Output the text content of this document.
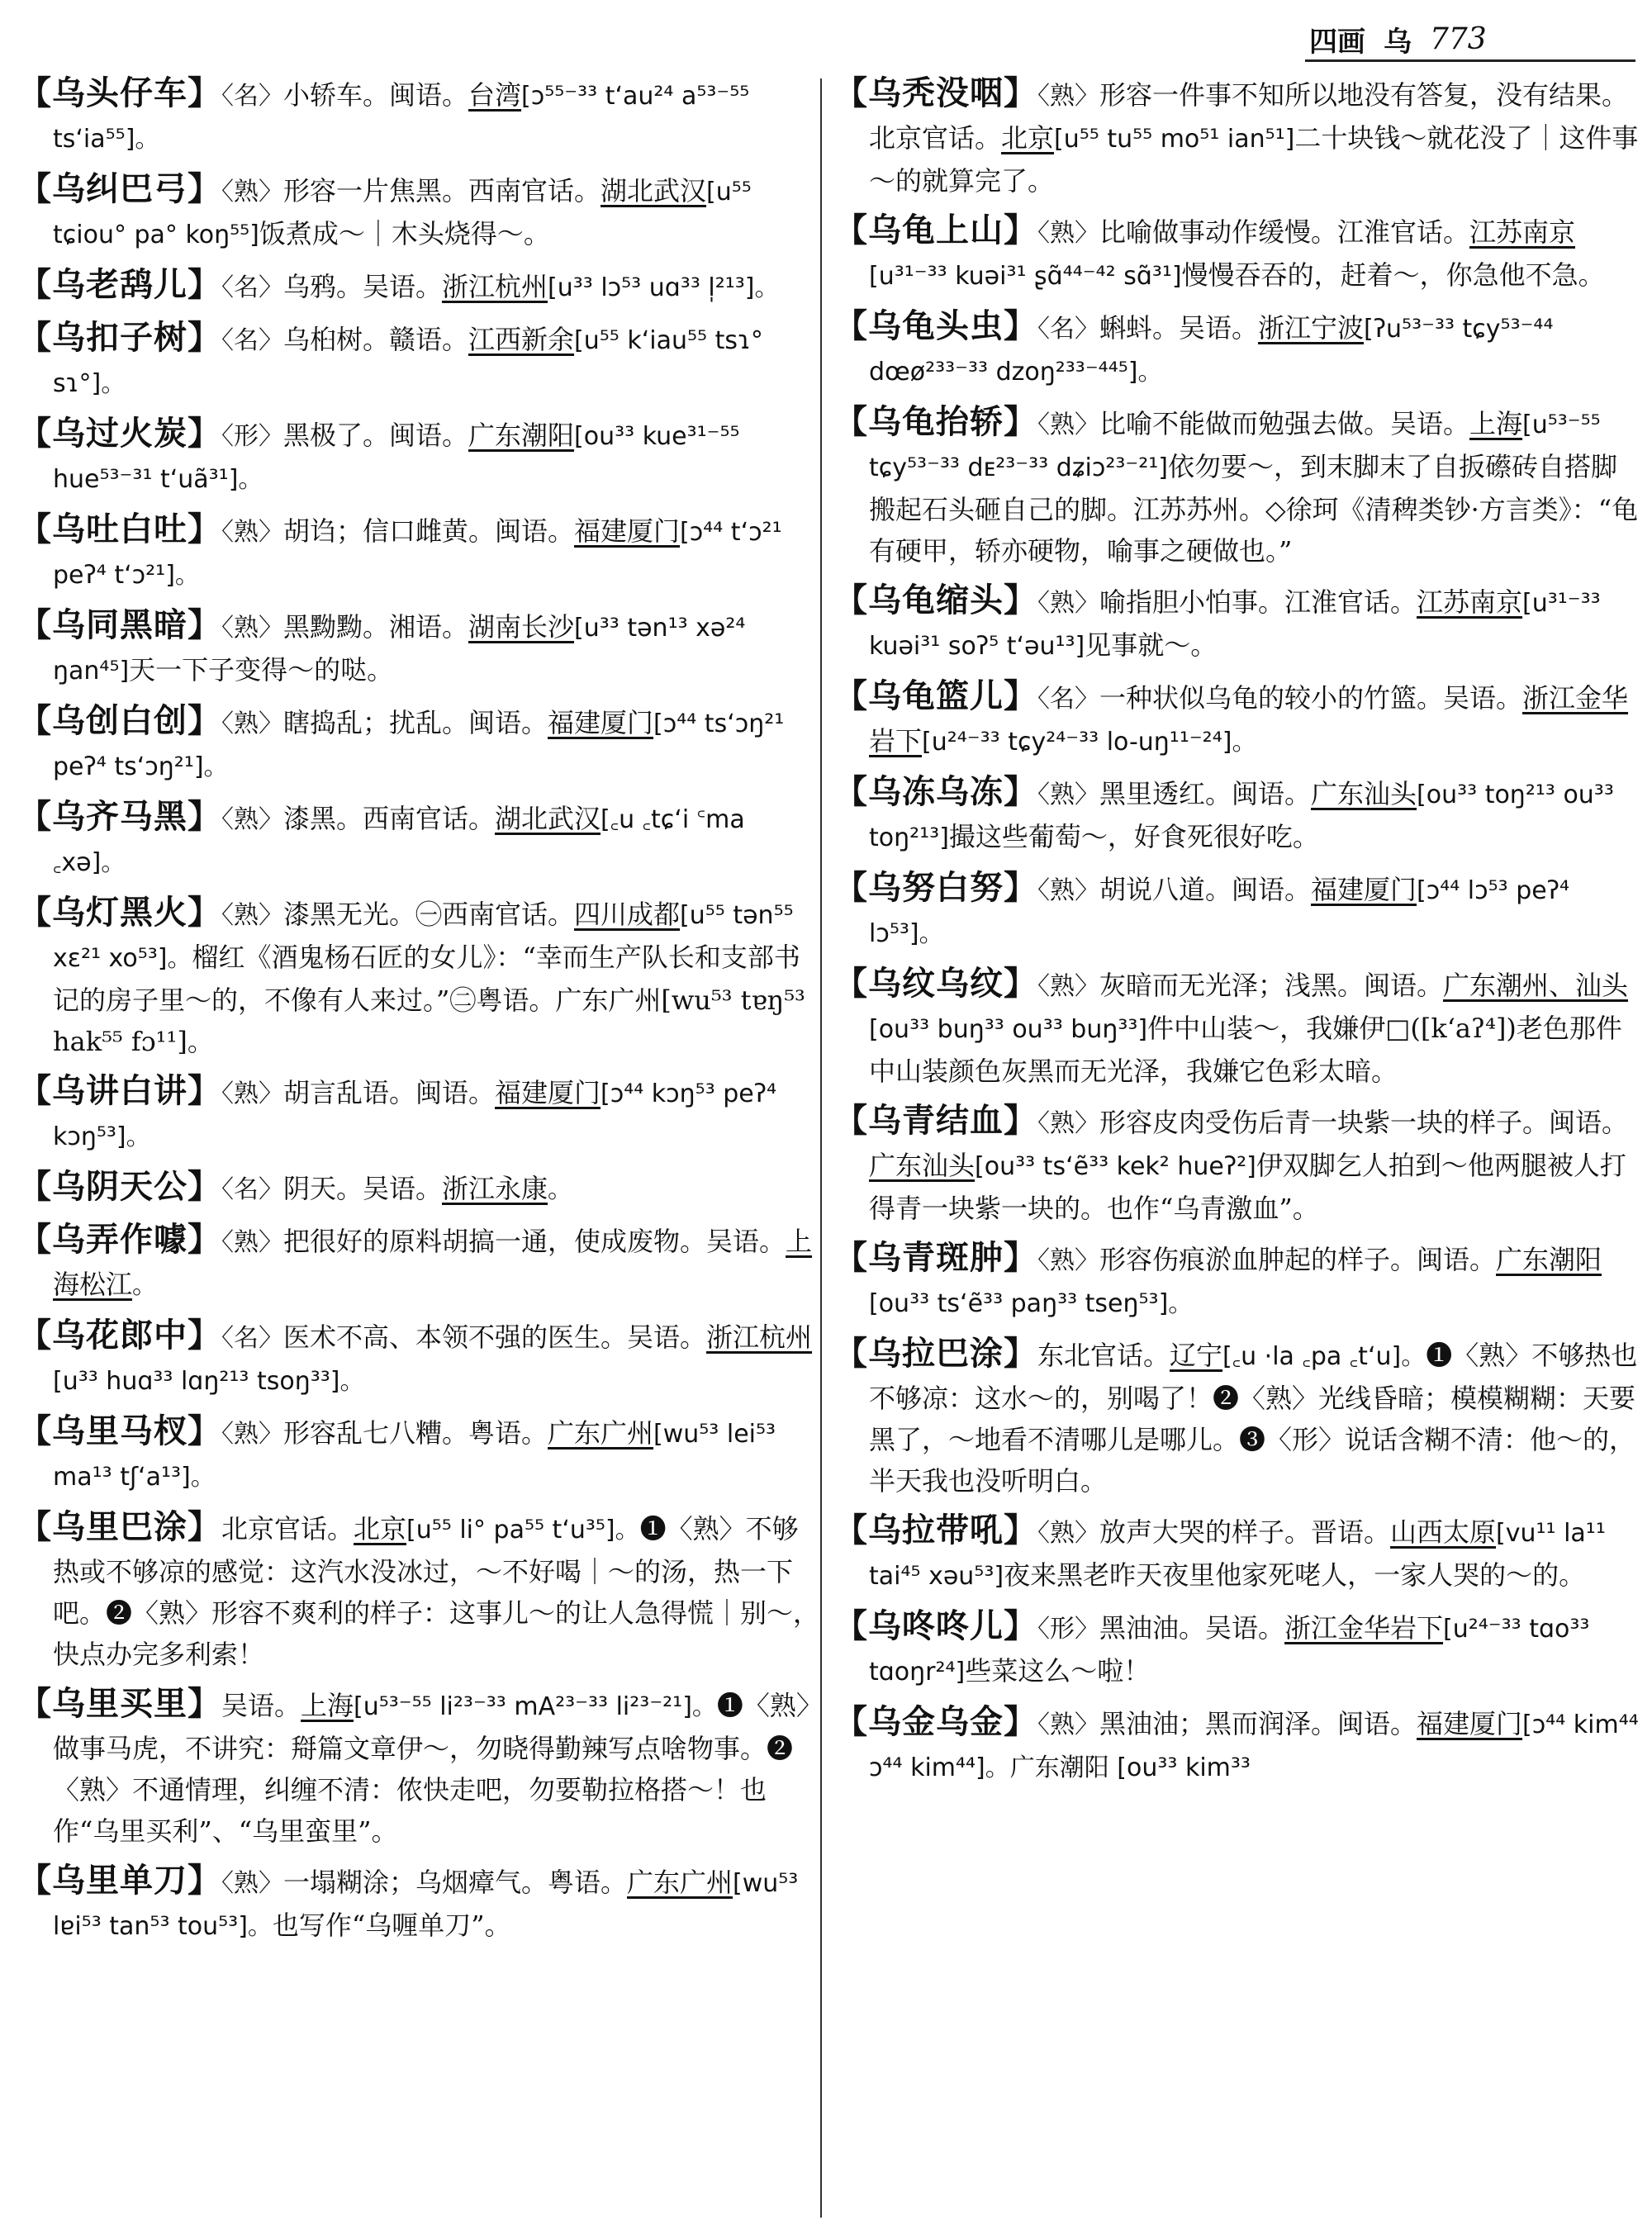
四画 乌 773

【乌头仔车】〈名〉小轿车。闽语。台湾[ɔ⁵⁵⁻³³ t‘au²⁴ a⁵³⁻⁵⁵ ts‘ia⁵⁵]。

【乌纠巴弓】〈熟〉形容一片焦黑。西南官话。湖北武汉[u⁵⁵ tɕiou° pa° koŋ⁵⁵]饭煮成～｜木头烧得～。

【乌老鸹儿】〈名〉乌鸦。吴语。浙江杭州[u³³ lɔ⁵³ uɑ³³ l̩²¹³]。

【乌扣子树】〈名〉乌桕树。赣语。江西新余[u⁵⁵ k‘iau⁵⁵ tsɿ° sɿ°]。

【乌过火炭】〈形〉黑极了。闽语。广东潮阳[ou³³ kue³¹⁻⁵⁵ hue⁵³⁻³¹ t‘uã³¹]。

【乌吐白吐】〈熟〉胡诌；信口雌黄。闽语。福建厦门[ɔ⁴⁴ t‘ɔ²¹ peʔ⁴ t‘ɔ²¹]。

【乌同黑暗】〈熟〉黑黝黝。湘语。湖南长沙[u³³ tən¹³ xə²⁴ ŋan⁴⁵]天一下子变得～的哒。

【乌创白创】〈熟〉瞎捣乱；扰乱。闽语。福建厦门[ɔ⁴⁴ ts‘ɔŋ²¹ peʔ⁴ ts‘ɔŋ²¹]。

【乌齐马黑】〈熟〉漆黑。西南官话。湖北武汉[꜀u ꜀tɕ‘i ꜂ma ꜀xə]。

【乌灯黑火】〈熟〉漆黑无光。㊀西南官话。四川成都[u⁵⁵ tən⁵⁵ xɛ²¹ xo⁵³]。榴红《酒鬼杨石匠的女儿》：“幸而生产队长和支部书记的房子里～的，不像有人来过。”㊁粤语。广东广州[wu⁵³ tɐŋ⁵³ hak⁵⁵ fɔ¹¹]。

【乌讲白讲】〈熟〉胡言乱语。闽语。福建厦门[ɔ⁴⁴ kɔŋ⁵³ peʔ⁴ kɔŋ⁵³]。

【乌阴天公】〈名〉阴天。吴语。浙江永康。

【乌弄作噱】〈熟〉把很好的原料胡搞一通，使成废物。吴语。上海松江。

【乌花郎中】〈名〉医术不高、本领不强的医生。吴语。浙江杭州[u³³ huɑ³³ lɑŋ²¹³ tsoŋ³³]。

【乌里马杈】〈熟〉形容乱七八糟。粤语。广东广州[wu⁵³ lei⁵³ ma¹³ tʃ‘a¹³]。

【乌里巴涂】北京官话。北京[u⁵⁵ li° pa⁵⁵ t‘u³⁵]。❶〈熟〉不够热或不够凉的感觉：这汽水没冰过，～不好喝｜～的汤，热一下吧。❷〈熟〉形容不爽利的样子：这事儿～的让人急得慌｜别～，快点办完多利索！

【乌里买里】吴语。上海[u⁵³⁻⁵⁵ li²³⁻³³ mA²³⁻³³ li²³⁻²¹]。❶〈熟〉做事马虎，不讲究：搿篇文章伊～，勿晓得勤辣写点啥物事。❷〈熟〉不通情理，纠缠不清：侬快走吧，勿要勒拉格搭～！也作“乌里买利”、“乌里蛮里”。

【乌里单刀】〈熟〉一塌糊涂；乌烟瘴气。粤语。广东广州[wu⁵³ lɐi⁵³ tan⁵³ tou⁵³]。也写作“乌喱单刀”。

【乌秃没咽】〈熟〉形容一件事不知所以地没有答复，没有结果。北京官话。北京[u⁵⁵ tu⁵⁵ mo⁵¹ ian⁵¹]二十块钱～就花没了｜这件事～的就算完了。

【乌龟上山】〈熟〉比喻做事动作缓慢。江淮官话。江苏南京[u³¹⁻³³ kuəi³¹ ʂɑ̃⁴⁴⁻⁴² sɑ̃³¹]慢慢吞吞的，赶着～，你急他不急。

【乌龟头虫】〈名〉蝌蚪。吴语。浙江宁波[ʔu⁵³⁻³³ tɕy⁵³⁻⁴⁴ dœø²³³⁻³³ dzoŋ²³³⁻⁴⁴⁵]。

【乌龟抬轿】〈熟〉比喻不能做而勉强去做。吴语。上海[u⁵³⁻⁵⁵ tɕy⁵³⁻³³ dᴇ²³⁻³³ dʑiɔ²³⁻²¹]依勿要～，到末脚末了自扳礤砖自搭脚搬起石头砸自己的脚。江苏苏州。◇徐珂《清稗类钞·方言类》：“龟有硬甲，轿亦硬物，喻事之硬做也。”

【乌龟缩头】〈熟〉喻指胆小怕事。江淮官话。江苏南京[u³¹⁻³³ kuəi³¹ soʔ⁵ t‘əu¹³]见事就～。

【乌龟篮儿】〈名〉一种状似乌龟的较小的竹篮。吴语。浙江金华岩下[u²⁴⁻³³ tɕy²⁴⁻³³ lo-uŋ¹¹⁻²⁴]。

【乌冻乌冻】〈熟〉黑里透红。闽语。广东汕头[ou³³ toŋ²¹³ ou³³ toŋ²¹³]撮这些葡萄～，好食死很好吃。

【乌努白努】〈熟〉胡说八道。闽语。福建厦门[ɔ⁴⁴ lɔ⁵³ peʔ⁴ lɔ⁵³]。

【乌纹乌纹】〈熟〉灰暗而无光泽；浅黑。闽语。广东潮州、汕头[ou³³ buŋ³³ ou³³ buŋ³³]件中山装～，我嫌伊□([k‘aʔ⁴])老色那件中山装颜色灰黑而无光泽，我嫌它色彩太暗。

【乌青结血】〈熟〉形容皮肉受伤后青一块紫一块的样子。闽语。广东汕头[ou³³ ts‘ẽ³³ kek² hueʔ²]伊双脚乞人拍到～他两腿被人打得青一块紫一块的。也作“乌青激血”。

【乌青斑肿】〈熟〉形容伤痕淤血肿起的样子。闽语。广东潮阳[ou³³ ts‘ẽ³³ paŋ³³ tseŋ⁵³]。

【乌拉巴涂】东北官话。辽宁[꜀u ·la ꜀pa ꜀t‘u]。❶〈熟〉不够热也不够凉：这水～的，别喝了！❷〈熟〉光线昏暗；模模糊糊：天要黑了，～地看不清哪儿是哪儿。❸〈形〉说话含糊不清：他～的，半天我也没听明白。

【乌拉带吼】〈熟〉放声大哭的样子。晋语。山西太原[vu¹¹ la¹¹ tai⁴⁵ xəu⁵³]夜来黑老昨天夜里他家死咾人，一家人哭的～的。

【乌咚咚儿】〈形〉黑油油。吴语。浙江金华岩下[u²⁴⁻³³ tɑo³³ tɑoŋr²⁴]些菜这么～啦！

【乌金乌金】〈熟〉黑油油；黑而润泽。闽语。福建厦门[ɔ⁴⁴ kim⁴⁴ ɔ⁴⁴ kim⁴⁴]。广东潮阳 [ou³³ kim³³
